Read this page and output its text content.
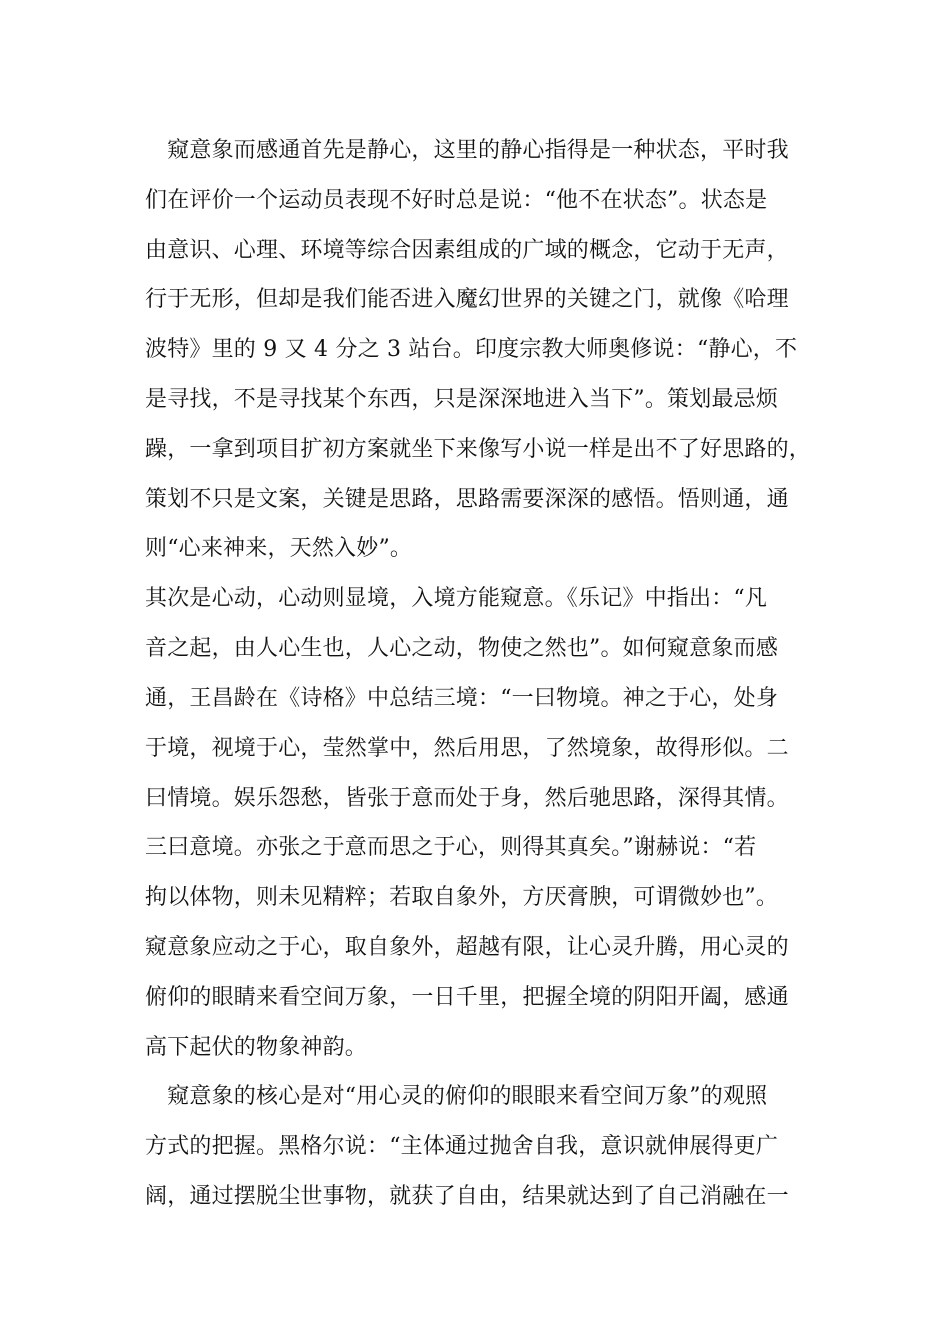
　窥意象而感通首先是静心，这里的静心指得是一种状态，平时我
们在评价一个运动员表现不好时总是说：“他不在状态”。状态是
由意识、心理、环境等综合因素组成的广域的概念，它动于无声，
行于无形，但却是我们能否进入魔幻世界的关键之门，就像《哈理
波特》里的 9 又 4 分之 3 站台。印度宗教大师奥修说：“静心，不
是寻找，不是寻找某个东西，只是深深地进入当下”。策划最忌烦
躁，一拿到项目扩初方案就坐下来像写小说一样是出不了好思路的，
策划不只是文案，关键是思路，思路需要深深的感悟。悟则通，通
则“心来神来，天然入妙”。
其次是心动，心动则显境，入境方能窥意。《乐记》中指出：“凡
音之起，由人心生也，人心之动，物使之然也”。如何窥意象而感
通，王昌龄在《诗格》中总结三境：“一曰物境。神之于心，处身
于境，视境于心，莹然掌中，然后用思，了然境象，故得形似。二
曰情境。娱乐怨愁，皆张于意而处于身，然后驰思路，深得其情。
三曰意境。亦张之于意而思之于心，则得其真矣。”谢赫说：“若
拘以体物，则未见精粹；若取自象外，方厌膏腴，可谓微妙也”。
窥意象应动之于心，取自象外，超越有限，让心灵升腾，用心灵的
俯仰的眼睛来看空间万象，一日千里，把握全境的阴阳开阖，感通
高下起伏的物象神韵。
　窥意象的核心是对“用心灵的俯仰的眼眼来看空间万象”的观照
方式的把握。黑格尔说：“主体通过抛舍自我，意识就伸展得更广
阔，通过摆脱尘世事物，就获了自由，结果就达到了自己消融在一
